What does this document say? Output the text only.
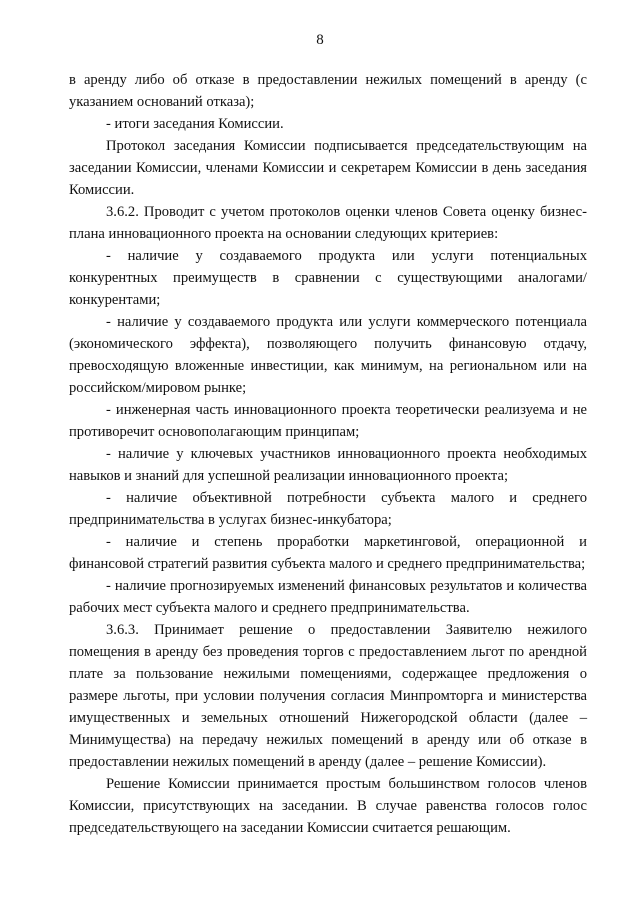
8

в аренду либо об отказе в предоставлении нежилых помещений в аренду (с указанием оснований отказа);

- итоги заседания Комиссии.

Протокол заседания Комиссии подписывается председательствующим на заседании Комиссии, членами Комиссии и секретарем Комиссии в день заседания Комиссии.

3.6.2. Проводит с учетом протоколов оценки членов Совета оценку бизнес-плана инновационного проекта на основании следующих критериев:

- наличие у создаваемого продукта или услуги потенциальных конкурентных преимуществ в сравнении с существующими аналогами/конкурентами;

- наличие у создаваемого продукта или услуги коммерческого потенциала (экономического эффекта), позволяющего получить финансовую отдачу, превосходящую вложенные инвестиции, как минимум, на региональном или на российском/мировом рынке;

- инженерная часть инновационного проекта теоретически реализуема и не противоречит основополагающим принципам;

- наличие у ключевых участников инновационного проекта необходимых навыков и знаний для успешной реализации инновационного проекта;

- наличие объективной потребности субъекта малого и среднего предпринимательства в услугах бизнес-инкубатора;

- наличие и степень проработки маркетинговой, операционной и финансовой стратегий развития субъекта малого и среднего предпринимательства;

- наличие прогнозируемых изменений финансовых результатов и количества рабочих мест субъекта малого и среднего предпринимательства.

3.6.3. Принимает решение о предоставлении Заявителю нежилого помещения в аренду без проведения торгов с предоставлением льгот по арендной плате за пользование нежилыми помещениями, содержащее предложения о размере льготы, при условии получения согласия Минпромторга и министерства имущественных и земельных отношений Нижегородской области (далее – Минимущества) на передачу нежилых помещений в аренду или об отказе в предоставлении нежилых помещений в аренду (далее – решение Комиссии).

Решение Комиссии принимается простым большинством голосов членов Комиссии, присутствующих на заседании. В случае равенства голосов голос председательствующего на заседании Комиссии считается решающим.
